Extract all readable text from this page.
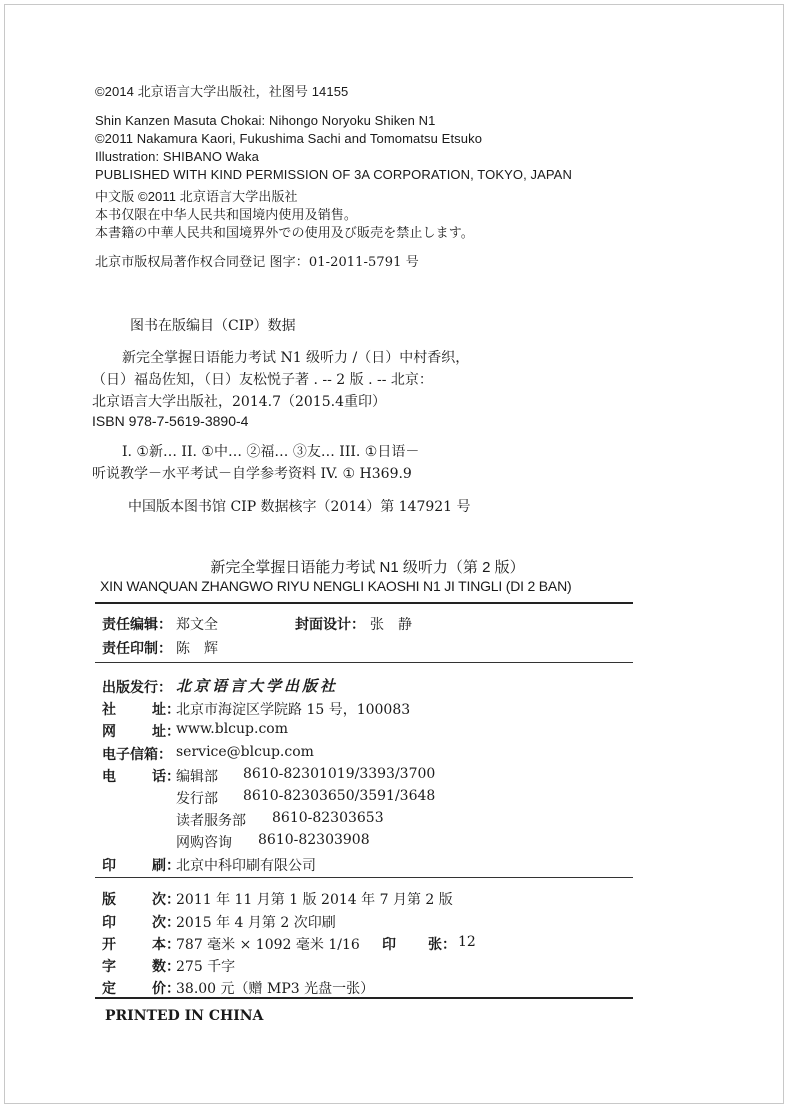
©2014 北京语言大学出版社，社图号 14155
Shin Kanzen Masuta Chokai: Nihongo Noryoku Shiken N1
©2011 Nakamura Kaori, Fukushima Sachi and Tomomatsu Etsuko
Illustration: SHIBANO Waka
PUBLISHED WITH KIND PERMISSION OF 3A CORPORATION, TOKYO, JAPAN
中文版 ©2011 北京语言大学出版社
本书仅限在中华人民共和国境内使用及销售。
本書籍の中華人民共和国境界外での使用及び販売を禁止します。
北京市版权局著作权合同登记 图字：01-2011-5791 号
图书在版编目（CIP）数据
新完全掌握日语能力考试 N1 级听力 /（日）中村香织，
（日）福岛佐知，（日）友松悦子著 . -- 2 版 . -- 北京：
北京语言大学出版社，2014.7（2015.4重印）
ISBN 978-7-5619-3890-4
I. ①新… II. ①中… ②福… ③友… III. ①日语－
听说教学－水平考试－自学参考资料 IV. ① H369.9
中国版本图书馆 CIP 数据核字（2014）第 147921 号
新完全掌握日语能力考试 N1 级听力（第 2 版）
XIN WANQUAN ZHANGWO RIYU NENGLI KAOSHI N1 JI TINGLI (DI 2 BAN)
责任编辑： 郑文全	封面设计： 张　静
责任印制： 陈　辉
出版发行： 北京语言大学出版社
社	址：
北京市海淀区学院路 15 号，100083
网	址：
www.blcup.com
电子信箱： service@blcup.com
电	话：
编辑部 8610-82301019/3393/3700
发行部 8610-82303650/3591/3648
读者服务部 8610-82303653
网购咨询 8610-82303908
印	刷：
北京中科印刷有限公司
版	次：
2011 年 11 月第 1 版 2014 年 7 月第 2 版
印	次：
2015 年 4 月第 2 次印刷
开	本：
787 毫米 × 1092 毫米 1/16 印 张： 12
字	数：
275 千字
定	价：
38.00 元（赠 MP3 光盘一张）
PRINTED IN CHINA
